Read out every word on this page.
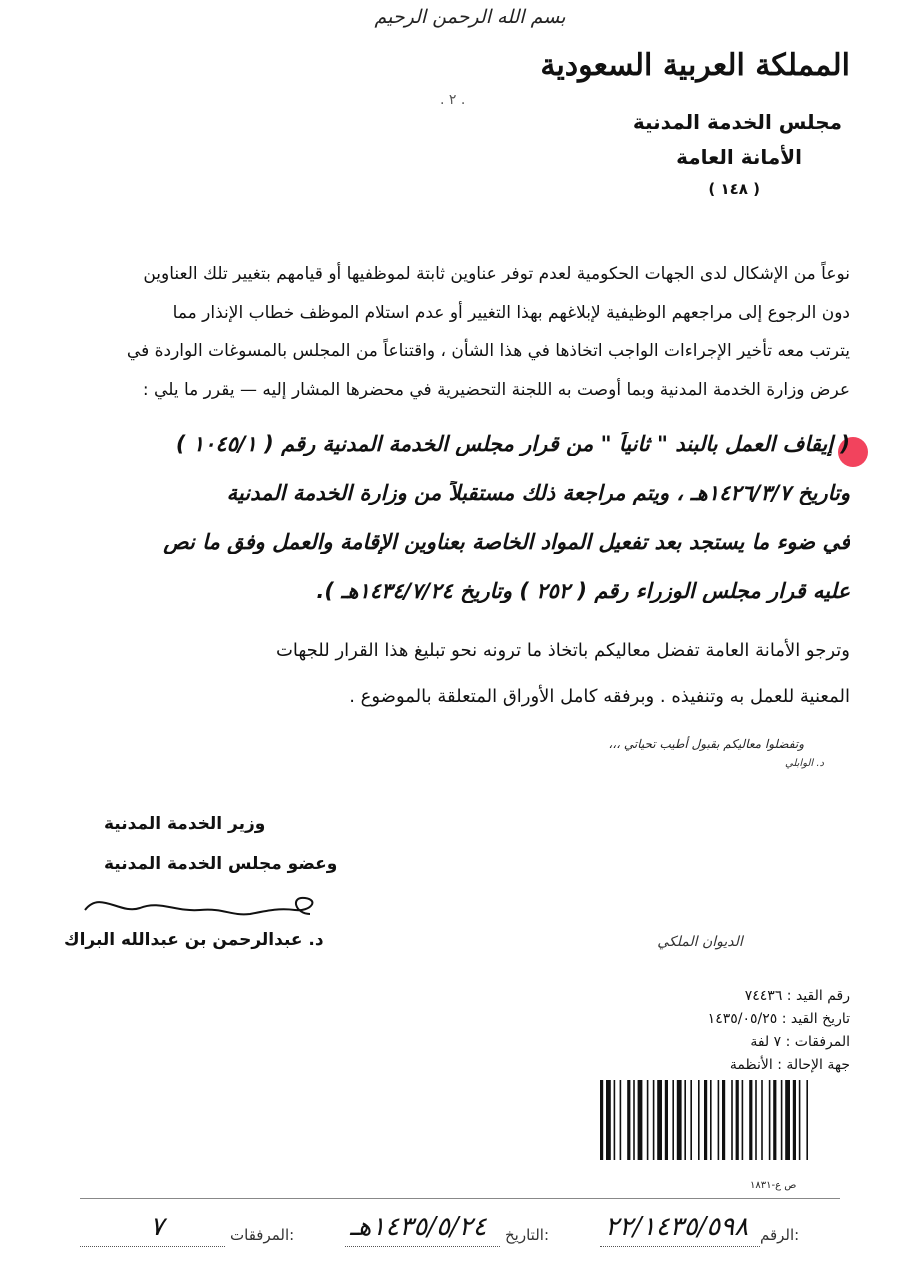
بسم الله الرحمن الرحيم
. ٢ .
المملكة العربية السعودية
مجلس الخدمة المدنية
الأمانة العامة
( ١٤٨ )
نوعاً من الإشكال لدى الجهات الحكومية لعدم توفر عناوين ثابتة لموظفيها أو قيامهم بتغيير تلك العناوين
دون الرجوع إلى مراجعهم الوظيفية لإبلاغهم بهذا التغيير أو عدم استلام الموظف خطاب الإنذار مما
يترتب معه تأخير الإجراءات الواجب اتخاذها في هذا الشأن ، واقتناعاً من المجلس بالمسوغات الواردة في
عرض وزارة الخدمة المدنية وبما أوصت به اللجنة التحضيرية في محضرها المشار إليه — يقرر ما يلي :
( إيقاف العمل بالبند " ثانياً " من قرار مجلس الخدمة المدنية رقم ( ١٠٤٥/١ )
وتاريخ ١٤٢٦/٣/٧هـ ، ويتم مراجعة ذلك مستقبلاً من وزارة الخدمة المدنية
في ضوء ما يستجد بعد تفعيل المواد الخاصة بعناوين الإقامة والعمل وفق ما نص
عليه قرار مجلس الوزراء رقم ( ٢٥٢ ) وتاريخ ١٤٣٤/٧/٢٤هـ ).
وترجو الأمانة العامة تفضل معاليكم باتخاذ ما ترونه نحو تبليغ هذا القرار للجهات
المعنية للعمل به وتنفيذه . وبرفقه كامل الأوراق المتعلقة بالموضوع .
وتفضلوا معاليكم بقبول أطيب تحياتي ،،،
د. الوابلي
وزير الخدمة المدنية
وعضو مجلس الخدمة المدنية
د. عبدالرحمن بن عبدالله البراك	الديوان الملكي
رقم القيد : ٧٤٤٣٦
تاريخ القيد : ١٤٣٥/٠٥/٢٥
المرفقات : ٧ لفة
جهة الإحالة : الأنظمة
ص ع-١٨٣١
الرقم:
٢٢/١٤٣٥/٥٩٨
التاريخ:
١٤٣٥/٥/٢٤هـ
المرفقات:
٧
